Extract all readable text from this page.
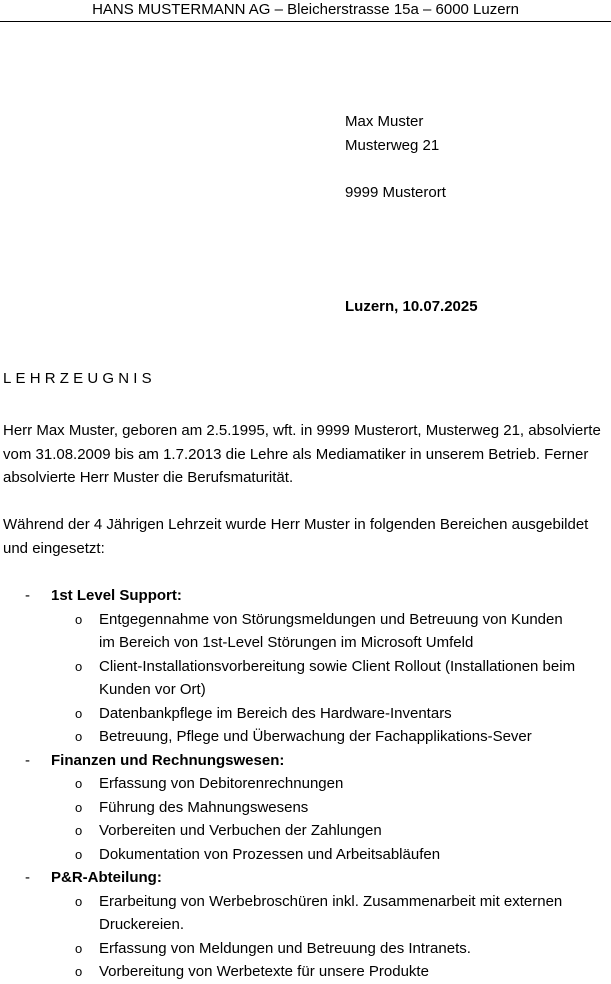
HANS MUSTERMANN AG – Bleicherstrasse 15a – 6000 Luzern
Max Muster
Musterweg 21
9999 Musterort
Luzern, 10.07.2025
LEHRZEUGNIS

Herr Max Muster, geboren am 2.5.1995, wft. in 9999 Musterort, Musterweg 21, absolvierte vom 31.08.2009 bis am 1.7.2013 die Lehre als Mediamatiker in unserem Betrieb. Ferner absolvierte Herr Muster die Berufsmaturität.

Während der 4 Jährigen Lehrzeit wurde Herr Muster in folgenden Bereichen ausgebildet und eingesetzt:

- 1st Level Support:
o Entgegennahme von Störungsmeldungen und Betreuung von Kunden im Bereich von 1st-Level Störungen im Microsoft Umfeld
o Client-Installationsvorbereitung sowie Client Rollout (Installationen beim Kunden vor Ort)
o Datenbankpflege im Bereich des Hardware-Inventars
o Betreuung, Pflege und Überwachung der Fachapplikations-Sever
- Finanzen und Rechnungswesen:
o Erfassung von Debitorenrechnungen
o Führung des Mahnungswesens
o Vorbereiten und Verbuchen der Zahlungen
o Dokumentation von Prozessen und Arbeitsabläufen
- P&R-Abteilung:
o Erarbeitung von Werbebroschüren inkl. Zusammenarbeit mit externen Druckereien.
o Erfassung von Meldungen und Betreuung des Intranets.
o Vorbereitung von Werbetexte für unsere Produkte
